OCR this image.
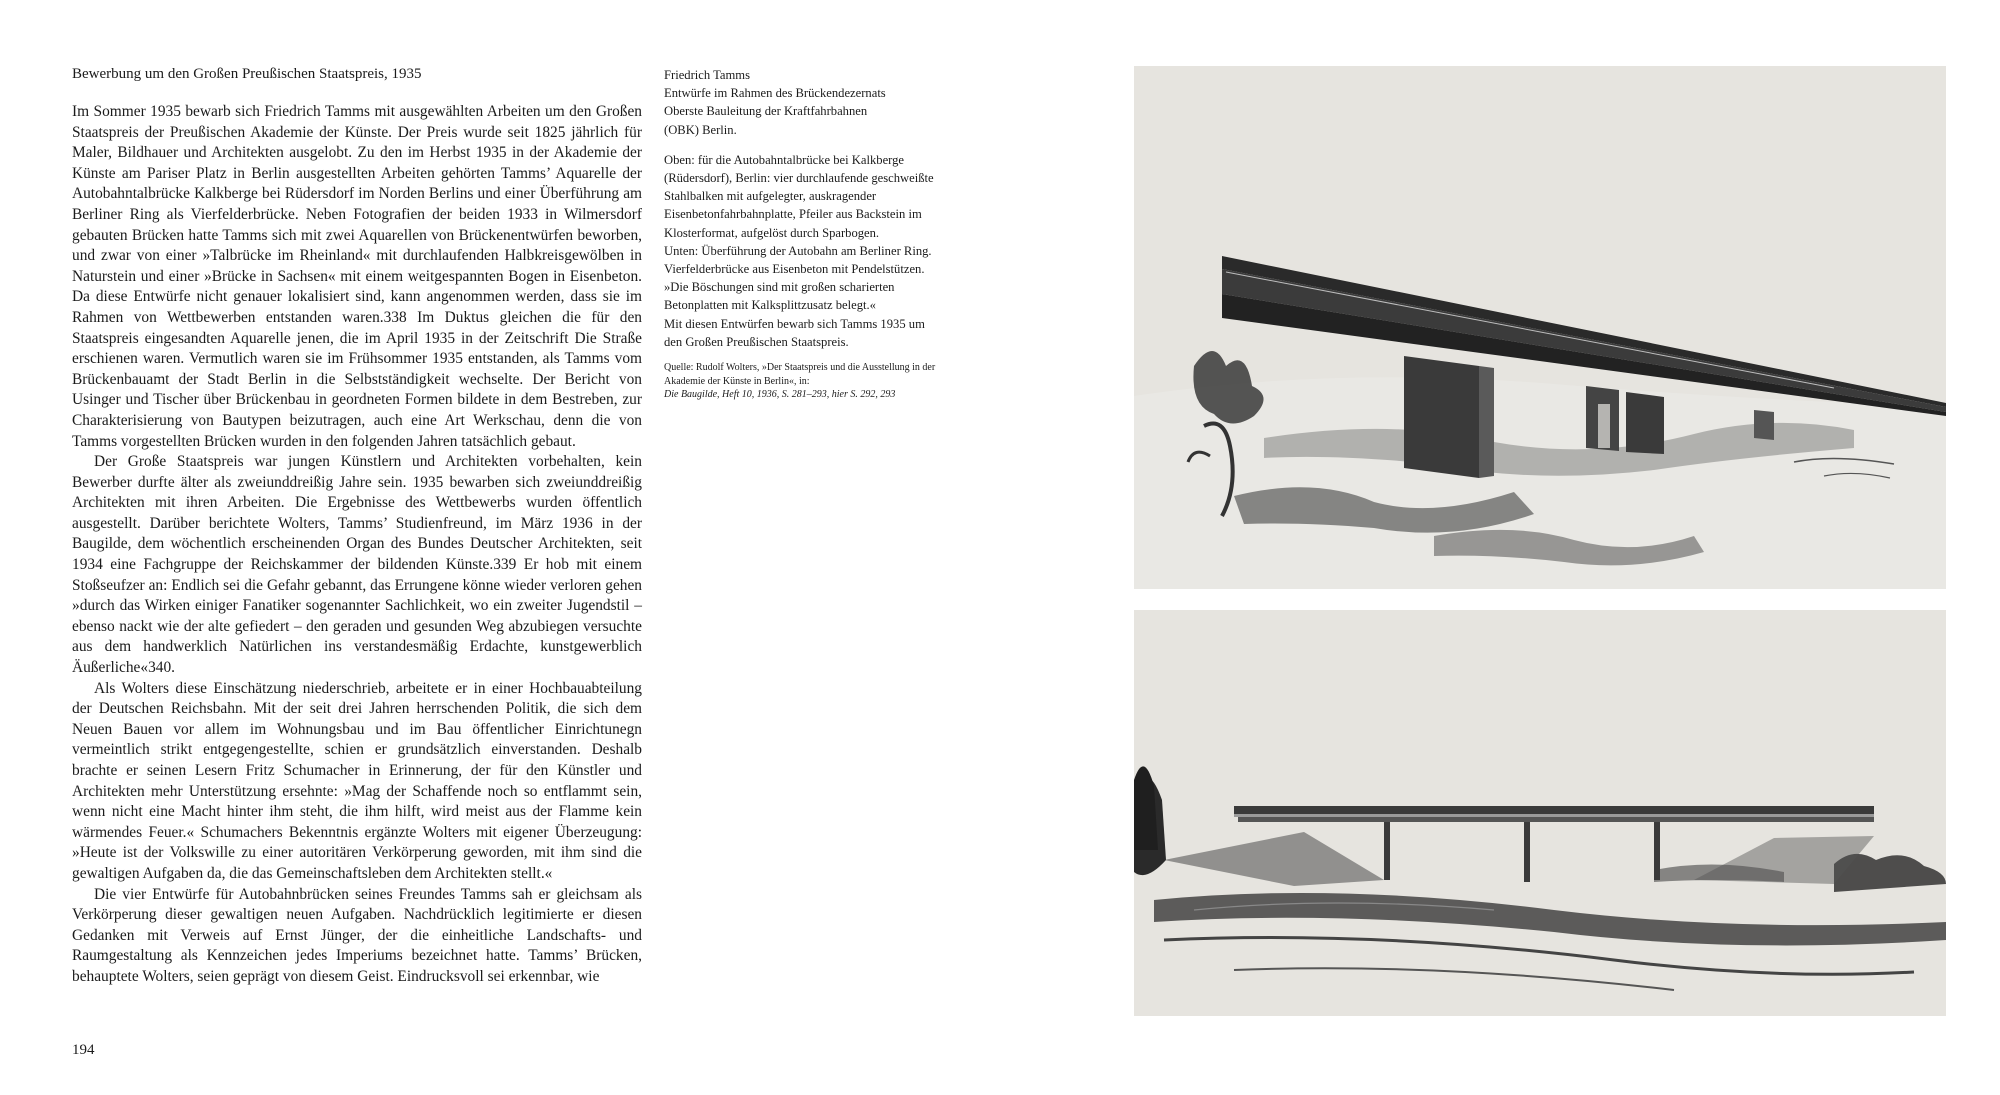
Bewerbung um den Großen Preußischen Staatspreis, 1935

Im Sommer 1935 bewarb sich Friedrich Tamms mit ausgewählten Arbeiten um den Großen Staatspreis der Preußischen Akademie der Künste. Der Preis wurde seit 1825 jährlich für Maler, Bildhauer und Architekten ausgelobt. Zu den im Herbst 1935 in der Akademie der Künste am Pariser Platz in Berlin ausgestellten Arbeiten gehörten Tamms’ Aquarelle der Autobahntalbrücke Kalkberge bei Rüdersdorf im Norden Berlins und einer Überführung am Berliner Ring als Vierfelderbrücke. Neben Fotografien der beiden 1933 in Wilmersdorf gebauten Brücken hatte Tamms sich mit zwei Aquarellen von Brückenentwürfen beworben, und zwar von einer »Talbrücke im Rheinland« mit durchlaufenden Halbkreisgewölben in Naturstein und einer »Brücke in Sachsen« mit einem weitgespannten Bogen in Eisenbeton. Da diese Entwürfe nicht genauer lokalisiert sind, kann angenommen werden, dass sie im Rahmen von Wettbewerben entstanden waren.338 Im Duktus gleichen die für den Staatspreis eingesandten Aquarelle jenen, die im April 1935 in der Zeitschrift Die Straße erschienen waren. Vermutlich waren sie im Frühsommer 1935 entstanden, als Tamms vom Brückenbauamt der Stadt Berlin in die Selbstständigkeit wechselte. Der Bericht von Usinger und Tischer über Brückenbau in geordneten Formen bildete in dem Bestreben, zur Charakterisierung von Bautypen beizutragen, auch eine Art Werkschau, denn die von Tamms vorgestellten Brücken wurden in den folgenden Jahren tatsächlich gebaut.

Der Große Staatspreis war jungen Künstlern und Architekten vorbehalten, kein Bewerber durfte älter als zweiunddreißig Jahre sein. 1935 bewarben sich zweiunddreißig Architekten mit ihren Arbeiten. Die Ergebnisse des Wettbewerbs wurden öffentlich ausgestellt. Darüber berichtete Wolters, Tamms’ Studienfreund, im März 1936 in der Baugilde, dem wöchentlich erscheinenden Organ des Bundes Deutscher Architekten, seit 1934 eine Fachgruppe der Reichskammer der bildenden Künste.339 Er hob mit einem Stoßseufzer an: Endlich sei die Gefahr gebannt, das Errungene könne wieder verloren gehen »durch das Wirken einiger Fanatiker sogenannter Sachlichkeit, wo ein zweiter Jugendstil – ebenso nackt wie der alte gefiedert – den geraden und gesunden Weg abzubiegen versuchte aus dem handwerklich Natürlichen ins verstandesmäßig Erdachte, kunstgewerblich Äußerliche«340.

Als Wolters diese Einschätzung niederschrieb, arbeitete er in einer Hochbauabteilung der Deutschen Reichsbahn. Mit der seit drei Jahren herrschenden Politik, die sich dem Neuen Bauen vor allem im Wohnungsbau und im Bau öffentlicher Einrichtunegn vermeintlich strikt entgegengestellte, schien er grundsätzlich einverstanden. Deshalb brachte er seinen Lesern Fritz Schumacher in Erinnerung, der für den Künstler und Architekten mehr Unterstützung ersehnte: »Mag der Schaffende noch so entflammt sein, wenn nicht eine Macht hinter ihm steht, die ihm hilft, wird meist aus der Flamme kein wärmendes Feuer.« Schumachers Bekenntnis ergänzte Wolters mit eigener Überzeugung: »Heute ist der Volkswille zu einer autoritären Verkörperung geworden, mit ihm sind die gewaltigen Aufgaben da, die das Gemeinschaftsleben dem Architekten stellt.«

Die vier Entwürfe für Autobahnbrücken seines Freundes Tamms sah er gleichsam als Verkörperung dieser gewaltigen neuen Aufgaben. Nachdrücklich legitimierte er diesen Gedanken mit Verweis auf Ernst Jünger, der die einheitliche Landschafts- und Raumgestaltung als Kennzeichen jedes Imperiums bezeichnet hatte. Tamms’ Brücken, behauptete Wolters, seien geprägt von diesem Geist. Eindrucksvoll sei erkennbar, wie

194
Friedrich Tamms
Entwürfe im Rahmen des Brückendezernats
Oberste Bauleitung der Kraftfahrbahnen
(OBK) Berlin.

Oben: für die Autobahntalbrücke bei Kalkberge (Rüdersdorf), Berlin: vier durchlaufende geschweißte Stahlbalken mit aufgelegter, auskragender Eisenbetonfahrbahnplatte, Pfeiler aus Backstein im Klosterformat, aufgelöst durch Sparbogen.

Unten: Überführung der Autobahn am Berliner Ring. Vierfelderbrücke aus Eisenbeton mit Pendelstützen. »Die Böschungen sind mit großen scharierten Betonplatten mit Kalksplittzusatz belegt.«

Mit diesen Entwürfen bewarb sich Tamms 1935 um den Großen Preußischen Staatspreis.

Quelle: Rudolf Wolters, »Der Staatspreis und die Ausstellung in der Akademie der Künste in Berlin«, in:
Die Baugilde, Heft 10, 1936, S. 281–293, hier S. 292, 293
